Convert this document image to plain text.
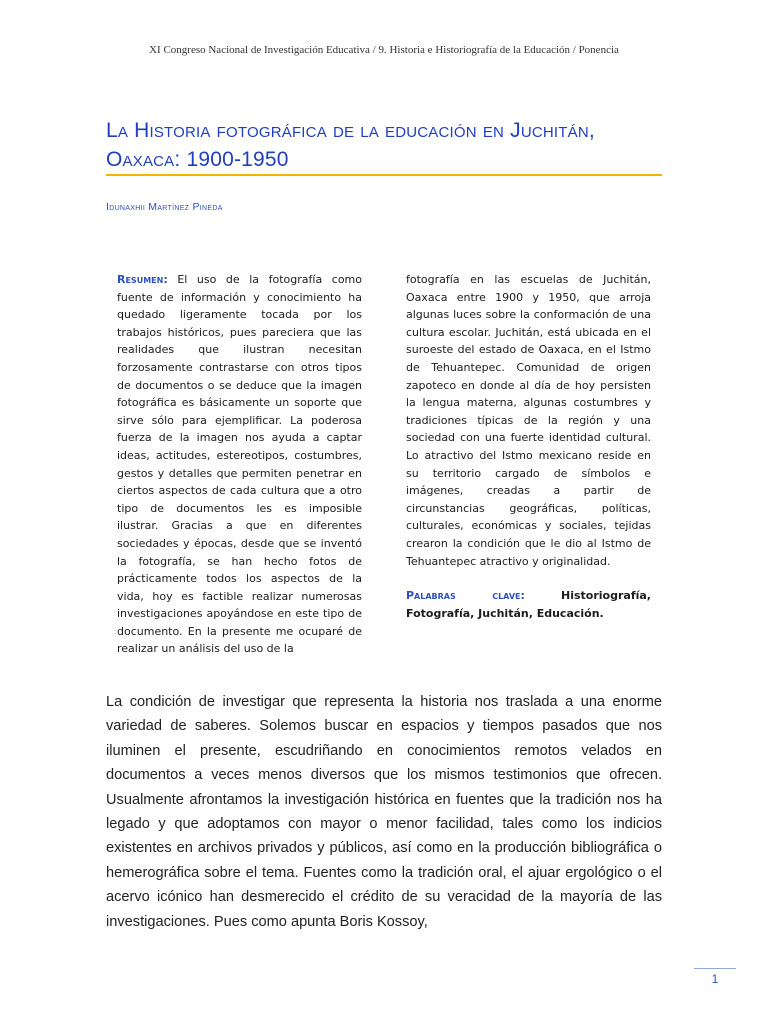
XI Congreso Nacional de Investigación Educativa / 9. Historia e Historiografía de la Educación / Ponencia
La Historia fotográfica de la educación en Juchitán, Oaxaca: 1900-1950
Idunaxhii Martínez Pineda
Resumen: El uso de la fotografía como fuente de información y conocimiento ha quedado ligeramente tocada por los trabajos históricos, pues pareciera que las realidades que ilustran necesitan forzosamente contrastarse con otros tipos de documentos o se deduce que la imagen fotográfica es básicamente un soporte que sirve sólo para ejemplificar. La poderosa fuerza de la imagen nos ayuda a captar ideas, actitudes, estereotipos, costumbres, gestos y detalles que permiten penetrar en ciertos aspectos de cada cultura que a otro tipo de documentos les es imposible ilustrar. Gracias a que en diferentes sociedades y épocas, desde que se inventó la fotografía, se han hecho fotos de prácticamente todos los aspectos de la vida, hoy es factible realizar numerosas investigaciones apoyándose en este tipo de documento. En la presente me ocuparé de realizar un análisis del uso de la
fotografía en las escuelas de Juchitán, Oaxaca entre 1900 y 1950, que arroja algunas luces sobre la conformación de una cultura escolar. Juchitán, está ubicada en el suroeste del estado de Oaxaca, en el Istmo de Tehuantepec. Comunidad de origen zapoteco en donde al día de hoy persisten la lengua materna, algunas costumbres y tradiciones típicas de la región y una sociedad con una fuerte identidad cultural. Lo atractivo del Istmo mexicano reside en su territorio cargado de símbolos e imágenes, creadas a partir de circunstancias geográficas, políticas, culturales, económicas y sociales, tejidas crearon la condición que le dio al Istmo de Tehuantepec atractivo y originalidad.
Palabras clave:	Historiografía, Fotografía, Juchitán, Educación.
La condición de investigar que representa la historia nos traslada a una enorme variedad de saberes. Solemos buscar en espacios y tiempos pasados que nos iluminen el presente, escudriñando en conocimientos remotos velados en documentos a veces menos diversos que los mismos testimonios que ofrecen. Usualmente afrontamos la investigación histórica en fuentes que la tradición nos ha legado y que adoptamos con mayor o menor facilidad, tales como los indicios existentes en archivos privados y públicos, así como en la producción bibliográfica o hemerográfica sobre el tema. Fuentes como la tradición oral, el ajuar ergológico o el acervo icónico han desmerecido el crédito de su veracidad de la mayoría de las investigaciones. Pues como apunta Boris Kossoy,
1
